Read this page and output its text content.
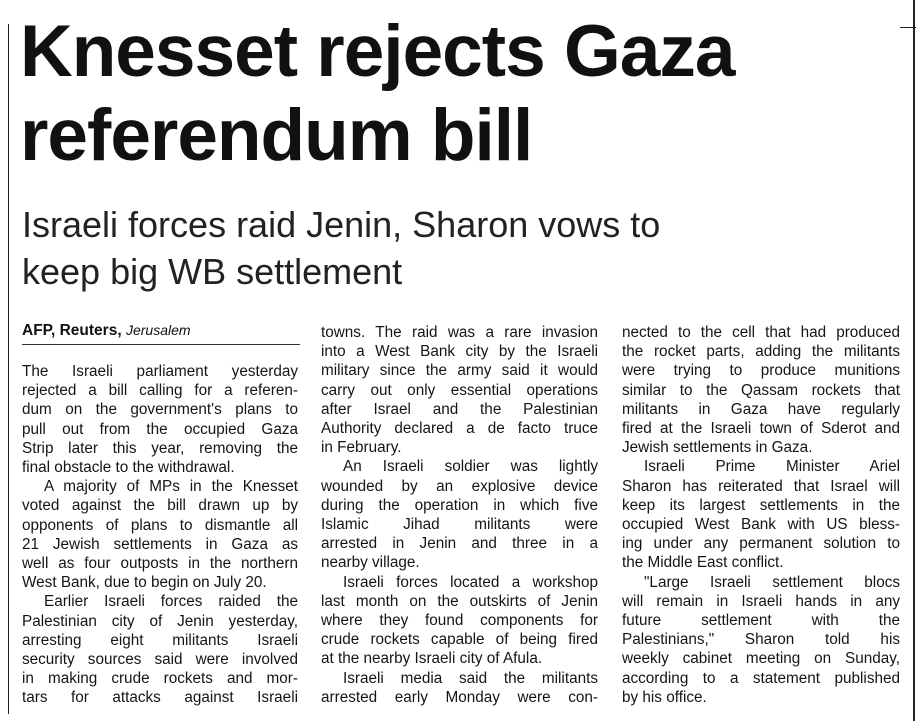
Knesset rejects Gaza
referendum bill
Israeli forces raid Jenin, Sharon vows to
keep big WB settlement
AFP, Reuters, Jerusalem
The Israeli parliament yesterday
rejected a bill calling for a referen-
dum on the government's plans to
pull out from the occupied Gaza
Strip later this year, removing the
final obstacle to the withdrawal.
A majority of MPs in the Knesset
voted against the bill drawn up by
opponents of plans to dismantle all
21 Jewish settlements in Gaza as
well as four outposts in the northern
West Bank, due to begin on July 20.
Earlier Israeli forces raided the
Palestinian city of Jenin yesterday,
arresting eight militants Israeli
security sources said were involved
in making crude rockets and mor-
tars for attacks against Israeli
towns. The raid was a rare invasion
into a West Bank city by the Israeli
military since the army said it would
carry out only essential operations
after Israel and the Palestinian
Authority declared a de facto truce
in February.
An Israeli soldier was lightly
wounded by an explosive device
during the operation in which five
Islamic Jihad militants were
arrested in Jenin and three in a
nearby village.
Israeli forces located a workshop
last month on the outskirts of Jenin
where they found components for
crude rockets capable of being fired
at the nearby Israeli city of Afula.
Israeli media said the militants
arrested early Monday were con-
nected to the cell that had produced
the rocket parts, adding the militants
were trying to produce munitions
similar to the Qassam rockets that
militants in Gaza have regularly
fired at the Israeli town of Sderot and
Jewish settlements in Gaza.
Israeli Prime Minister Ariel
Sharon has reiterated that Israel will
keep its largest settlements in the
occupied West Bank with US bless-
ing under any permanent solution to
the Middle East conflict.
"Large Israeli settlement blocs
will remain in Israeli hands in any
future settlement with the
Palestinians," Sharon told his
weekly cabinet meeting on Sunday,
according to a statement published
by his office.
